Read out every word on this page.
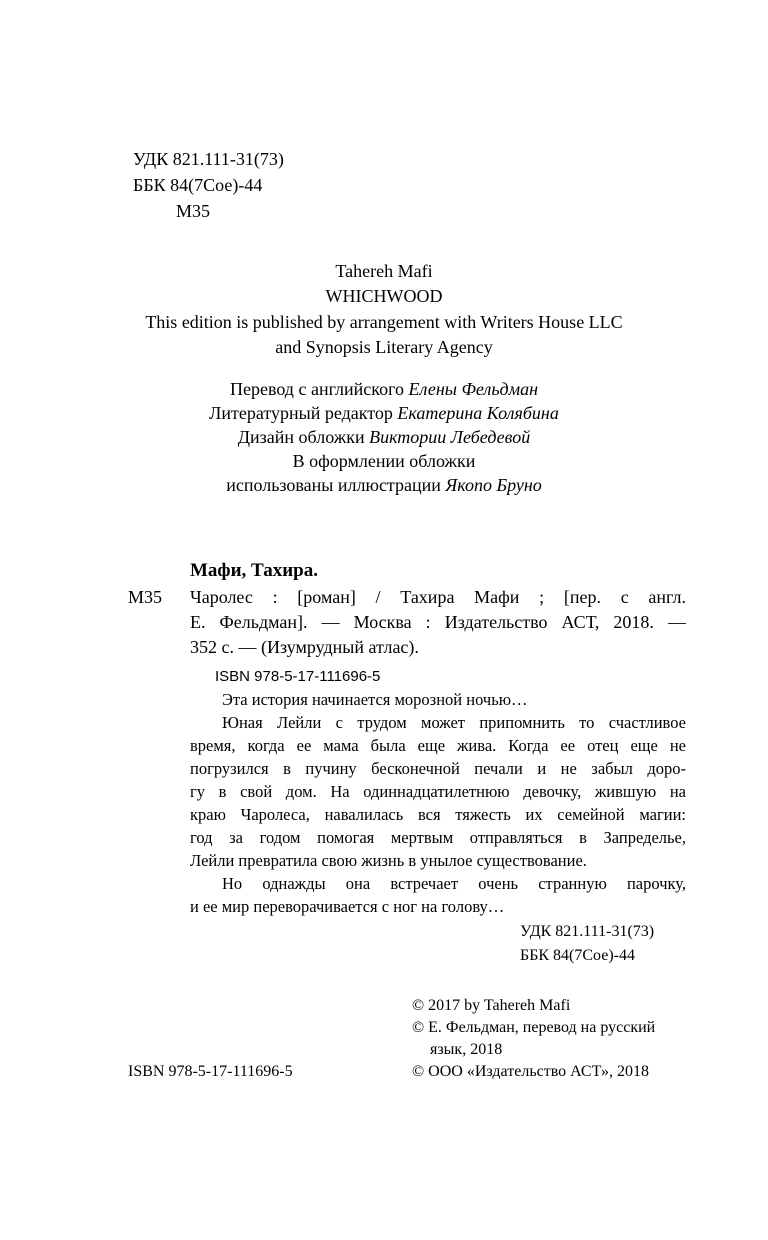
УДК 821.111-31(73)
ББК 84(7Сое)-44
М35
Tahereh Mafi
WHICHWOOD
This edition is published by arrangement with Writers House LLC
and Synopsis Literary Agency
Перевод с английского Елены Фельдман
Литературный редактор Екатерина Колябина
Дизайн обложки Виктории Лебедевой
В оформлении обложки
использованы иллюстрации Якопо Бруно
Мафи, Тахира.
М35 Чаролес : [роман] / Тахира Мафи ; [пер. с англ.
Е. Фельдман]. — Москва : Издательство АСТ, 2018. —
352 с. — (Изумрудный атлас).
ISBN 978-5-17-111696-5
Эта история начинается морозной ночью…
Юная Лейли с трудом может припомнить то счастливое
время, когда ее мама была еще жива. Когда ее отец еще не
погрузился в пучину бесконечной печали и не забыл доро-
гу в свой дом. На одиннадцатилетнюю девочку, жившую на
краю Чаролеса, навалилась вся тяжесть их семейной магии:
год за годом помогая мертвым отправляться в Запределье,
Лейли превратила свою жизнь в унылое существование.
Но однажды она встречает очень странную парочку,
и ее мир переворачивается с ног на голову…
УДК 821.111-31(73)
ББК 84(7Сое)-44
© 2017 by Tahereh Mafi
© Е. Фельдман, перевод на русский
язык, 2018
© ООО «Издательство АСТ», 2018
ISBN 978-5-17-111696-5
